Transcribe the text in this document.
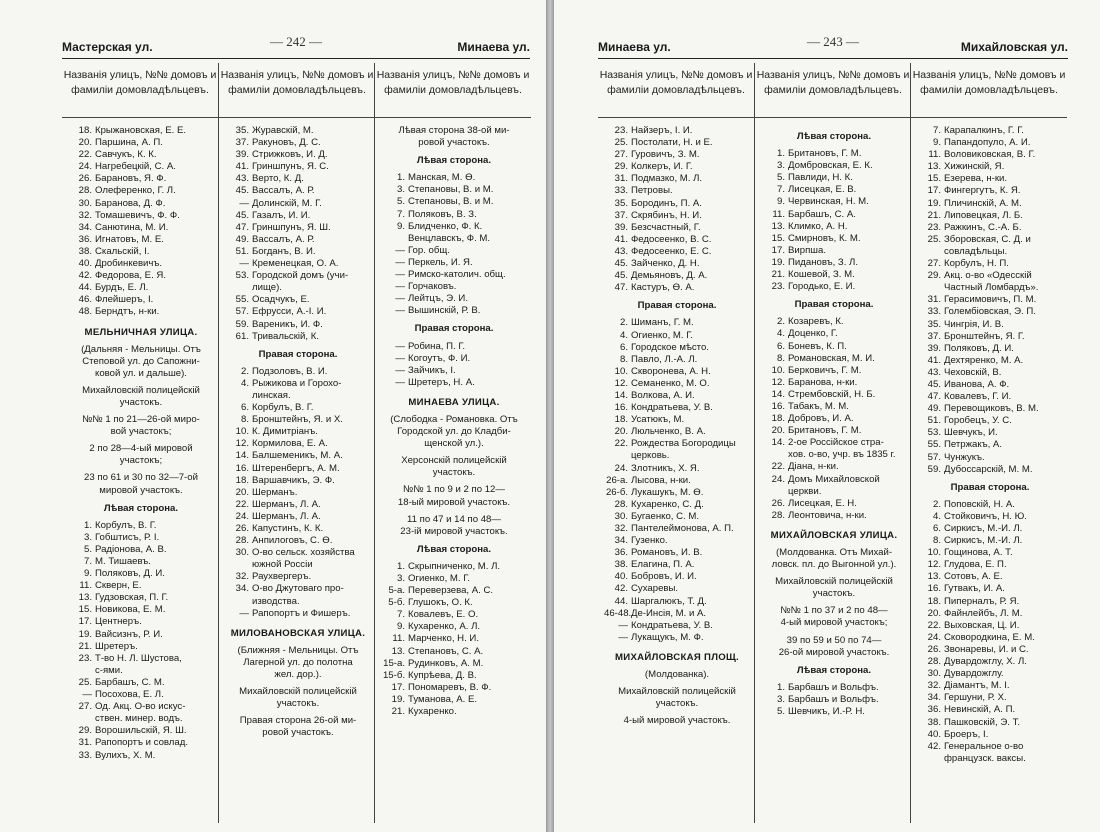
Мастерская ул.	— 242 —	Минаева ул.
Названія улицъ, №№ домовъ и фамиліи домовладѣльцевъ.
18. Крыжановская, Е. Е.
20. Паршина, А. П.
22. Савчукъ, К. К.
24. Нагребецкій, С. А.
26. Барановъ, Я. Ф.
28. Олеференко, Г. Л.
30. Баранова, Д. Ф.
32. Томашевичъ, Ф. Ф.
34. Санютина, М. И.
36. Игнатовъ, М. Е.
38. Скальскій, І.
40. Дробинкевичъ.
42. Федорова, Е. Я.
44. Бурдъ, Е. Л.
46. Флейшеръ, І.
48. Берндтъ, н-ки.
МЕЛЬНИЧНАЯ УЛИЦА.
(Дальняя - Мельницы. Отъ
Степовой ул. до Сапожни-
ковой ул. и дальше).
Михайловскій полицейскій
участокъ.
№№ 1 по 21—26-ой миро-
вой участокъ;
2 по 28—4-ый мировой
участокъ;
23 по 61 и 30 по 32—7-ой
мировой участокъ.
Лѣвая сторона.
1. Корбулъ, В. Г.
3. Гобштисъ, Р. І.
5. Радіонова, А. В.
7. М. Тишаевъ.
9. Поляковъ, Д. И.
11. Скверн, Е.
13. Гудзовская, П. Г.
15. Новикова, Е. М.
17. Центнеръ.
19. Вайсизнъ, Р. И.
21. Шретеръ.
23. Т-во Н. Л. Шустова,
с-ями.
25. Барбашъ, С. М.
— Посохова, Е. Л.
27. Од. Акц. О-во искус-
ствен. минер. водъ.
29. Ворошильскій, Я. Ш.
31. Рапопортъ и совлад.
33. Вулихъ, Х. М.
Названія улицъ, №№ домовъ и фамиліи домовладѣльцевъ.
35. Журавскій, М.
37. Ракуновъ, Д. С.
39. Стрижковъ, И. Д.
41. Гриншпунъ, Я. С.
43. Верто, К. Д.
45. Вассалъ, А. Р.
— Долинскій, М. Г.
45. Газалъ, И. И.
47. Гриншпунъ, Я. Ш.
49. Вассалъ, А. Р.
51. Богданъ, В. И.
— Кременецкая, О. А.
53. Городской домъ (учи-
лище).
55. Осадчукъ, Е.
57. Ефрусси, А.-І. И.
59. Вареникъ, И. Ф.
61. Тривальскій, К.
Правая сторона.
2. Подзоловъ, В. И.
4. Рыжикова и Горохо-
линская.
6. Корбулъ, В. Г.
8. Бронштейнъ, Я. и Х.
10. К. Димитріанъ.
12. Кормилова, Е. А.
14. Балшеменикъ, М. А.
16. Штеренбергъ, А. М.
18. Варшавчикъ, Э. Ф.
20. Шерманъ.
22. Шерманъ, Л. А.
24. Шерманъ, Л. А.
26. Капустинъ, К. К.
28. Анпилоговъ, С. Ѳ.
30. О-во сельск. хозяйства
южной Россіи
32. Раухвергеръ.
34. О-во Джутоваго про-
изводства.
— Рапопортъ и Фишеръ.
МИЛОВАНОВСКАЯ УЛИЦА.
(Ближняя - Мельницы. Отъ
Лагерной ул. до полотна
жел. дор.).
Михайловскій полицейскій
участокъ.
Правая сторона 26-ой ми-
ровой участокъ.
Названія улицъ, №№ домовъ и фамиліи домовладѣльцевъ.
Лѣвая сторона 38-ой ми-
ровой участокъ.
Лѣвая сторона.
1. Манская, М. Ѳ.
3. Степановы, В. и М.
5. Степановы, В. и М.
7. Поляковъ, В. З.
9. Блидченко, Ф. К.
Венцлавскъ, Ф. М.
— Гор. общ.
— Перкель, И. Я.
— Римско-католич. общ.
— Горчаковъ.
— Лейтцъ, Э. И.
— Вышинскій, Р. В.
Правая сторона.
— Робина, П. Г.
— Когоутъ, Ф. И.
— Зайчикъ, І.
— Шретеръ, Н. А.
МИНАЕВА УЛИЦА.
(Слободка - Романовка. Отъ
Городской ул. до Кладби-
щенской ул.).
Херсонскій полицейскій
участокъ.
№№ 1 по 9 и 2 по 12—
18-ый мировой участокъ.
11 по 47 и 14 по 48—
23-ій мировой участокъ.
Лѣвая сторона.
1. Скрыпниченко, М. Л.
3. Огиенко, М. Г.
5-а. Переверзева, А. С.
5-б. Глушокъ, О. К.
7. Ковалевъ, Е. О.
9. Кухаренко, А. Л.
11. Марченко, Н. И.
13. Степановъ, С. А.
15-а. Рудинковъ, А. М.
15-б. Купрѣева, Д. В.
17. Пономаревъ, В. Ф.
19. Туманова, А. Е.
21. Кухаренко.
Минаева ул.	— 243 —	Михайловская ул.
Названія улицъ, №№ домовъ и фамиліи домовладѣльцевъ.
23. Найзеръ, І. И.
25. Постолати, Н. и Е.
27. Гуровичъ, З. М.
29. Колкеръ, И. Г.
31. Подмазко, М. Л.
33. Петровы.
35. Бородинъ, П. А.
37. Скрябинъ, Н. И.
39. Безсчастный, Г.
41. Федосеенко, В. С.
43. Федосеенко, Е. С.
45. Зайченко, Д. Н.
45. Демьяновъ, Д. А.
47. Кастуръ, Ѳ. А.
Правая сторона.
2. Шиманъ, Г. М.
4. Огиенко, М. Г.
6. Городское мѣсто.
8. Павло, Л.-А. Л.
10. Скворонева, А. Н.
12. Семаненко, М. О.
14. Волкова, А. И.
16. Кондратьева, У. В.
18. Усатюкъ, М.
20. Люльченко, В. А.
22. Рождества Богородицы
церковь.
24. Злотникъ, Х. Я.
26-а. Лысова, н-ки.
26-б. Лукашукъ, М. Ѳ.
28. Кухаренко, С. Д.
30. Бугаенко, С. М.
32. Пантелеймонова, А. П.
34. Гузенко.
36. Романовъ, И. В.
38. Елагина, П. А.
40. Бобровъ, И. И.
42. Сухаревы.
44. Шаргалюкъ, Т. Д.
46-48.Де-Инсія, М. и А.
— Кондратьева, У. В.
— Лукащукъ, М. Ф.
МИХАЙЛОВСКАЯ ПЛОЩ.
(Молдованка).
Михайловскій полицейскій
участокъ.
4-ый мировой участокъ.
Названія улицъ, №№ домовъ и фамиліи домовладѣльцевъ.
Лѣвая сторона.
1. Британовъ, Г. М.
3. Домбровская, Е. К.
5. Павлиди, Н. К.
7. Лисецкая, Е. В.
9. Червинская, Н. М.
11. Барбашъ, С. А.
13. Климко, А. Н.
15. Смирновъ, К. М.
17. Вирпша.
19. Пидановъ, З. Л.
21. Кошевой, З. М.
23. Городько, Е. И.
Правая сторона.
2. Козаревъ, К.
4. Доценко, Г.
6. Боневъ, К. П.
8. Романовская, М. И.
10. Берковичъ, Г. М.
12. Баранова, н-ки.
14. Стрембовскій, Н. Б.
16. Табакъ, М. М.
18. Добровъ, И. А.
20. Британовъ, Г. М.
14. 2-ое Россійское стра-
хов. о-во, учр. въ 1835 г.
22. Діана, н-ки.
24. Домъ Михайловской
церкви.
26. Лисецкая, Е. Н.
28. Леонтовича, н-ки.
МИХАЙЛОВСКАЯ УЛИЦА.
(Молдованка. Отъ Михай-
ловск. пл. до Выгонной ул.).
Михайловскій полицейскій
участокъ.
№№ 1 по 37 и 2 по 48—
4-ый мировой участокъ;
39 по 59 и 50 по 74—
26-ой мировой участокъ.
Лѣвая сторона.
1. Барбашъ и Вольфъ.
3. Барбашъ и Вольфъ.
5. Шевчикъ, И.-Р. Н.
Названія улицъ, №№ домовъ и фамиліи домовладѣльцевъ.
7. Карапалкинъ, Г. Г.
9. Папандопуло, А. И.
11. Воловиковская, В. Г.
13. Хижинскій, Я.
15. Езерева, н-ки.
17. Фингергутъ, К. Я.
19. Пличинскій, А. М.
21. Липовецкая, Л. Б.
23. Ражкинъ, С.-А. Б.
25. Зборовская, С. Д. и
совладѣльцы.
27. Корбулъ, Н. П.
29. Акц. о-во «Одесскій
Частный Ломбардъ».
31. Герасимовичъ, П. М.
33. Голембіовская, Э. П.
35. Чингрія, И. В.
37. Бронштейнъ, Я. Г.
39. Поляковъ, Д. И.
41. Дехтяренко, М. А.
43. Чеховскій, В.
45. Иванова, А. Ф.
47. Ковалевъ, Г. И.
49. Перевощиковъ, В. М.
51. Горобецъ, У. С.
53. Шевчукъ, И.
55. Петржакъ, А.
57. Чунжукъ.
59. Дубоссарскій, М. М.
Правая сторона.
2. Поповскій, Н. А.
4. Стойковичъ, Н. Ю.
6. Сиркисъ, М.-И. Л.
8. Сиркисъ, М.-И. Л.
10. Гощинова, А. Т.
12. Глудова, Е. П.
13. Сотовъ, А. Е.
16. Гутвакъ, И. А.
18. Пиперналъ, Р. Я.
20. Файнлейбъ, Л. М.
22. Выховская, Ц. И.
24. Сковородкина, Е. М.
26. Звонаревы, И. и С.
28. Дувардожглу, Х. Л.
30. Дувардожглу.
32. Діамантъ, М. І.
34. Гершуни, Р. Х.
36. Невинскій, А. П.
38. Пашковскій, Э. Т.
40. Броеръ, І.
42. Генеральное о-во
французск. ваксы.
